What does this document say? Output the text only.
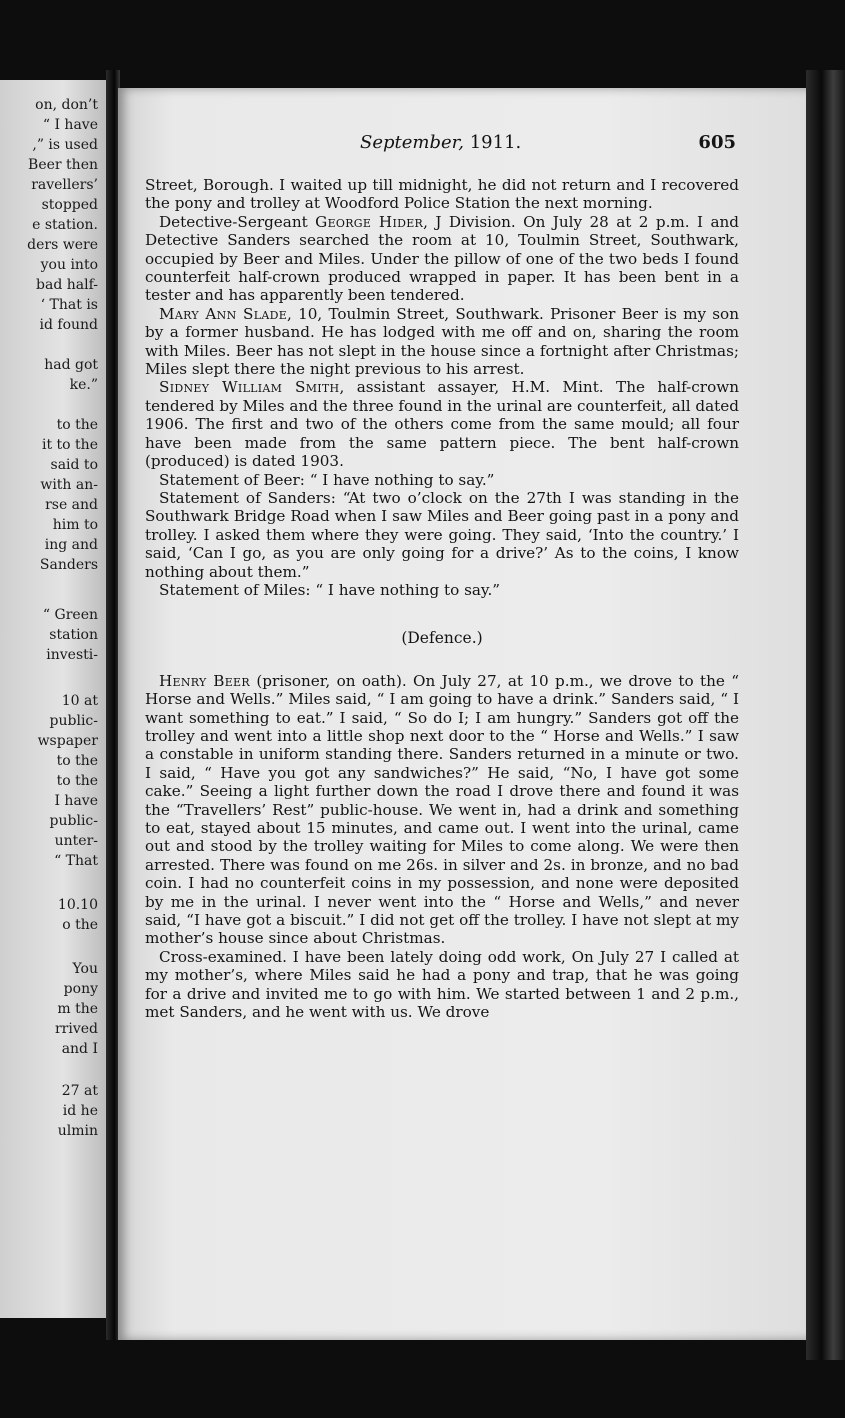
on, don’t
“ I have
,” is used
Beer then
ravellers’
stopped
e station.
ders were
you into
bad half-
‘ That is
id found
had got
ke.”
to the
it to the
said to
with an-
rse and
him to
ing and
Sanders
“ Green
station
investi-
10 at
public-
wspaper
to the
to the
I have
public-
unter-
“ That
10.10
o the
You
pony
m the
rrived
and I
27 at
id he
ulmin
September, 1911.	605

Street, Borough. I waited up till midnight, he did not return and I recovered the pony and trolley at Woodford Police Station the next morning.

Detective-Sergeant George Hider, J Division. On July 28 at 2 p.m. I and Detective Sanders searched the room at 10, Toulmin Street, Southwark, occupied by Beer and Miles. Under the pillow of one of the two beds I found counterfeit half-crown produced wrapped in paper. It has been bent in a tester and has apparently been tendered.

Mary Ann Slade, 10, Toulmin Street, Southwark. Prisoner Beer is my son by a former husband. He has lodged with me off and on, sharing the room with Miles. Beer has not slept in the house since a fortnight after Christmas; Miles slept there the night previous to his arrest.

Sidney William Smith, assistant assayer, H.M. Mint. The half-crown tendered by Miles and the three found in the urinal are counterfeit, all dated 1906. The first and two of the others come from the same mould; all four have been made from the same pattern piece. The bent half-crown (produced) is dated 1903.

Statement of Beer: “ I have nothing to say.”

Statement of Sanders: “At two o’clock on the 27th I was standing in the Southwark Bridge Road when I saw Miles and Beer going past in a pony and trolley. I asked them where they were going. They said, ‘Into the country.’ I said, ‘Can I go, as you are only going for a drive?’ As to the coins, I know nothing about them.”

Statement of Miles: “ I have nothing to say.”

(Defence.)

Henry Beer (prisoner, on oath). On July 27, at 10 p.m., we drove to the “ Horse and Wells.” Miles said, “ I am going to have a drink.” Sanders said, “ I want something to eat.” I said, “ So do I; I am hungry.” Sanders got off the trolley and went into a little shop next door to the “ Horse and Wells.” I saw a constable in uniform standing there. Sanders returned in a minute or two. I said, “ Have you got any sandwiches?” He said, “No, I have got some cake.” Seeing a light further down the road I drove there and found it was the “Travellers’ Rest” public-house. We went in, had a drink and something to eat, stayed about 15 minutes, and came out. I went into the urinal, came out and stood by the trolley waiting for Miles to come along. We were then arrested. There was found on me 26s. in silver and 2s. in bronze, and no bad coin. I had no counterfeit coins in my possession, and none were deposited by me in the urinal. I never went into the “ Horse and Wells,” and never said, “I have got a biscuit.” I did not get off the trolley. I have not slept at my mother’s house since about Christmas.

Cross-examined. I have been lately doing odd work, On July 27 I called at my mother’s, where Miles said he had a pony and trap, that he was going for a drive and invited me to go with him. We started between 1 and 2 p.m., met Sanders, and he went with us. We drove
